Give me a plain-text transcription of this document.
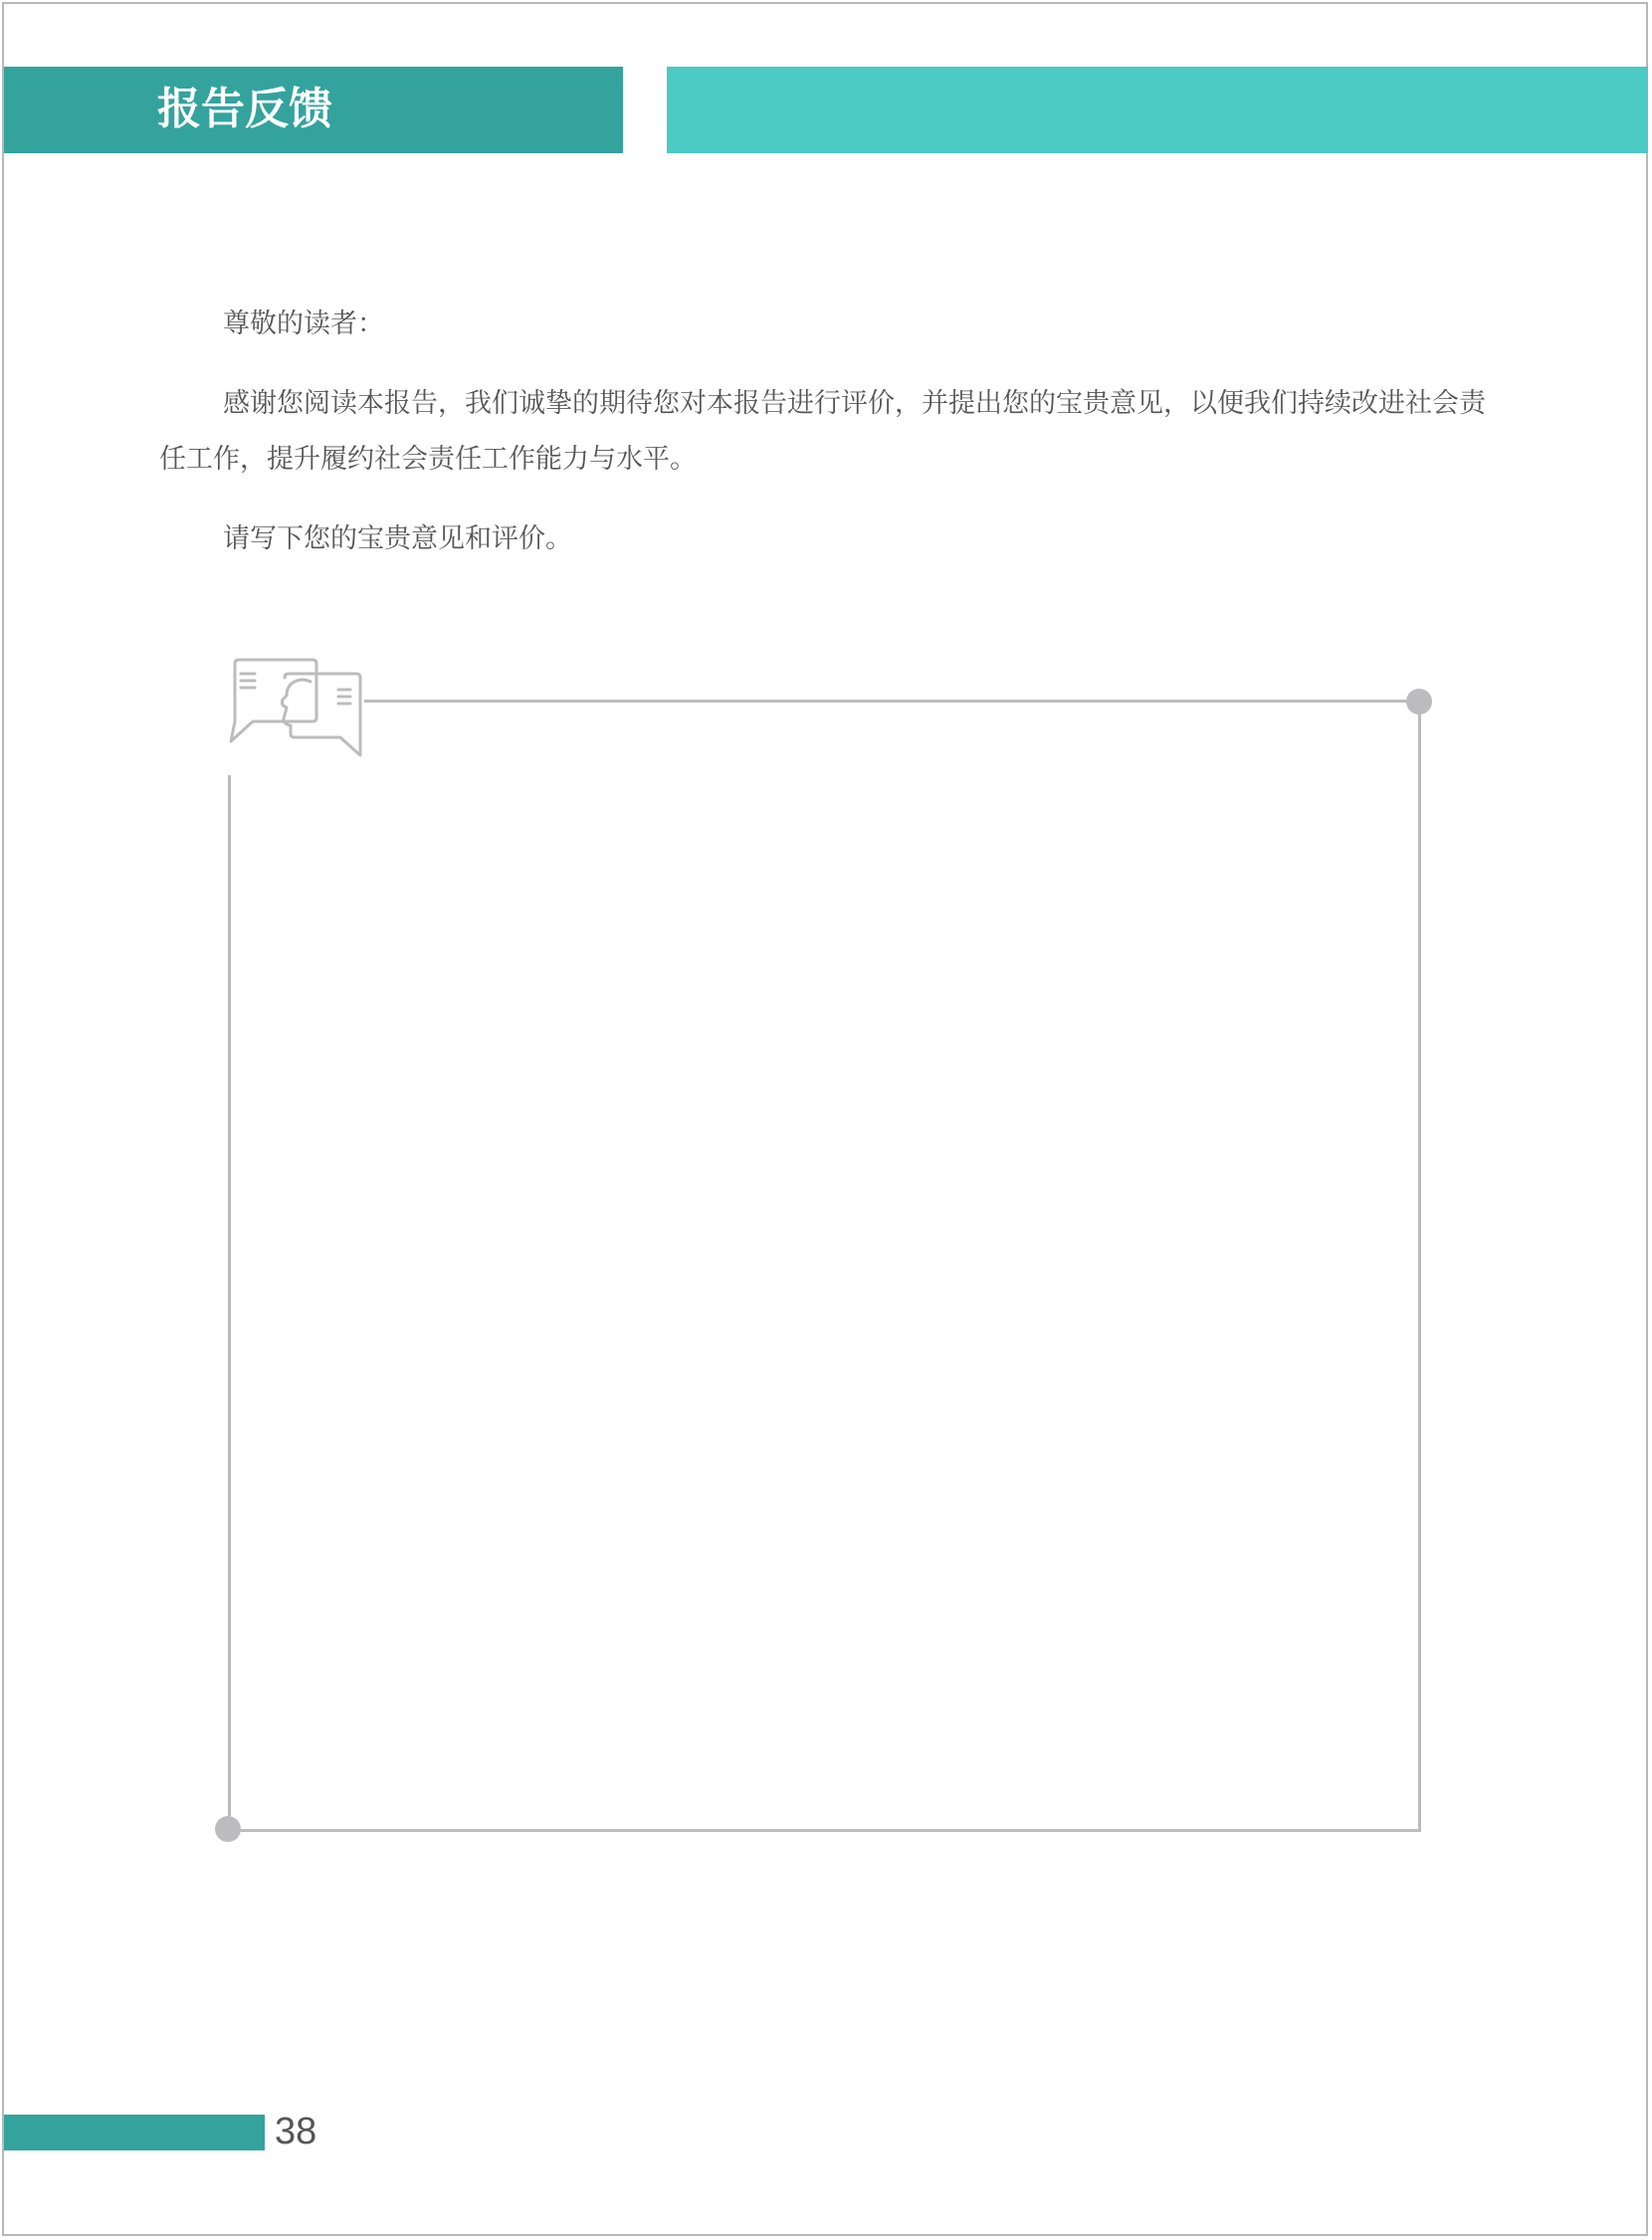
报告反馈

尊敬的读者：

感谢您阅读本报告，我们诚挚的期待您对本报告进行评价，并提出您的宝贵意见，以便我们持续改进社会责任工作，提升履约社会责任工作能力与水平。

请写下您的宝贵意见和评价。

38
